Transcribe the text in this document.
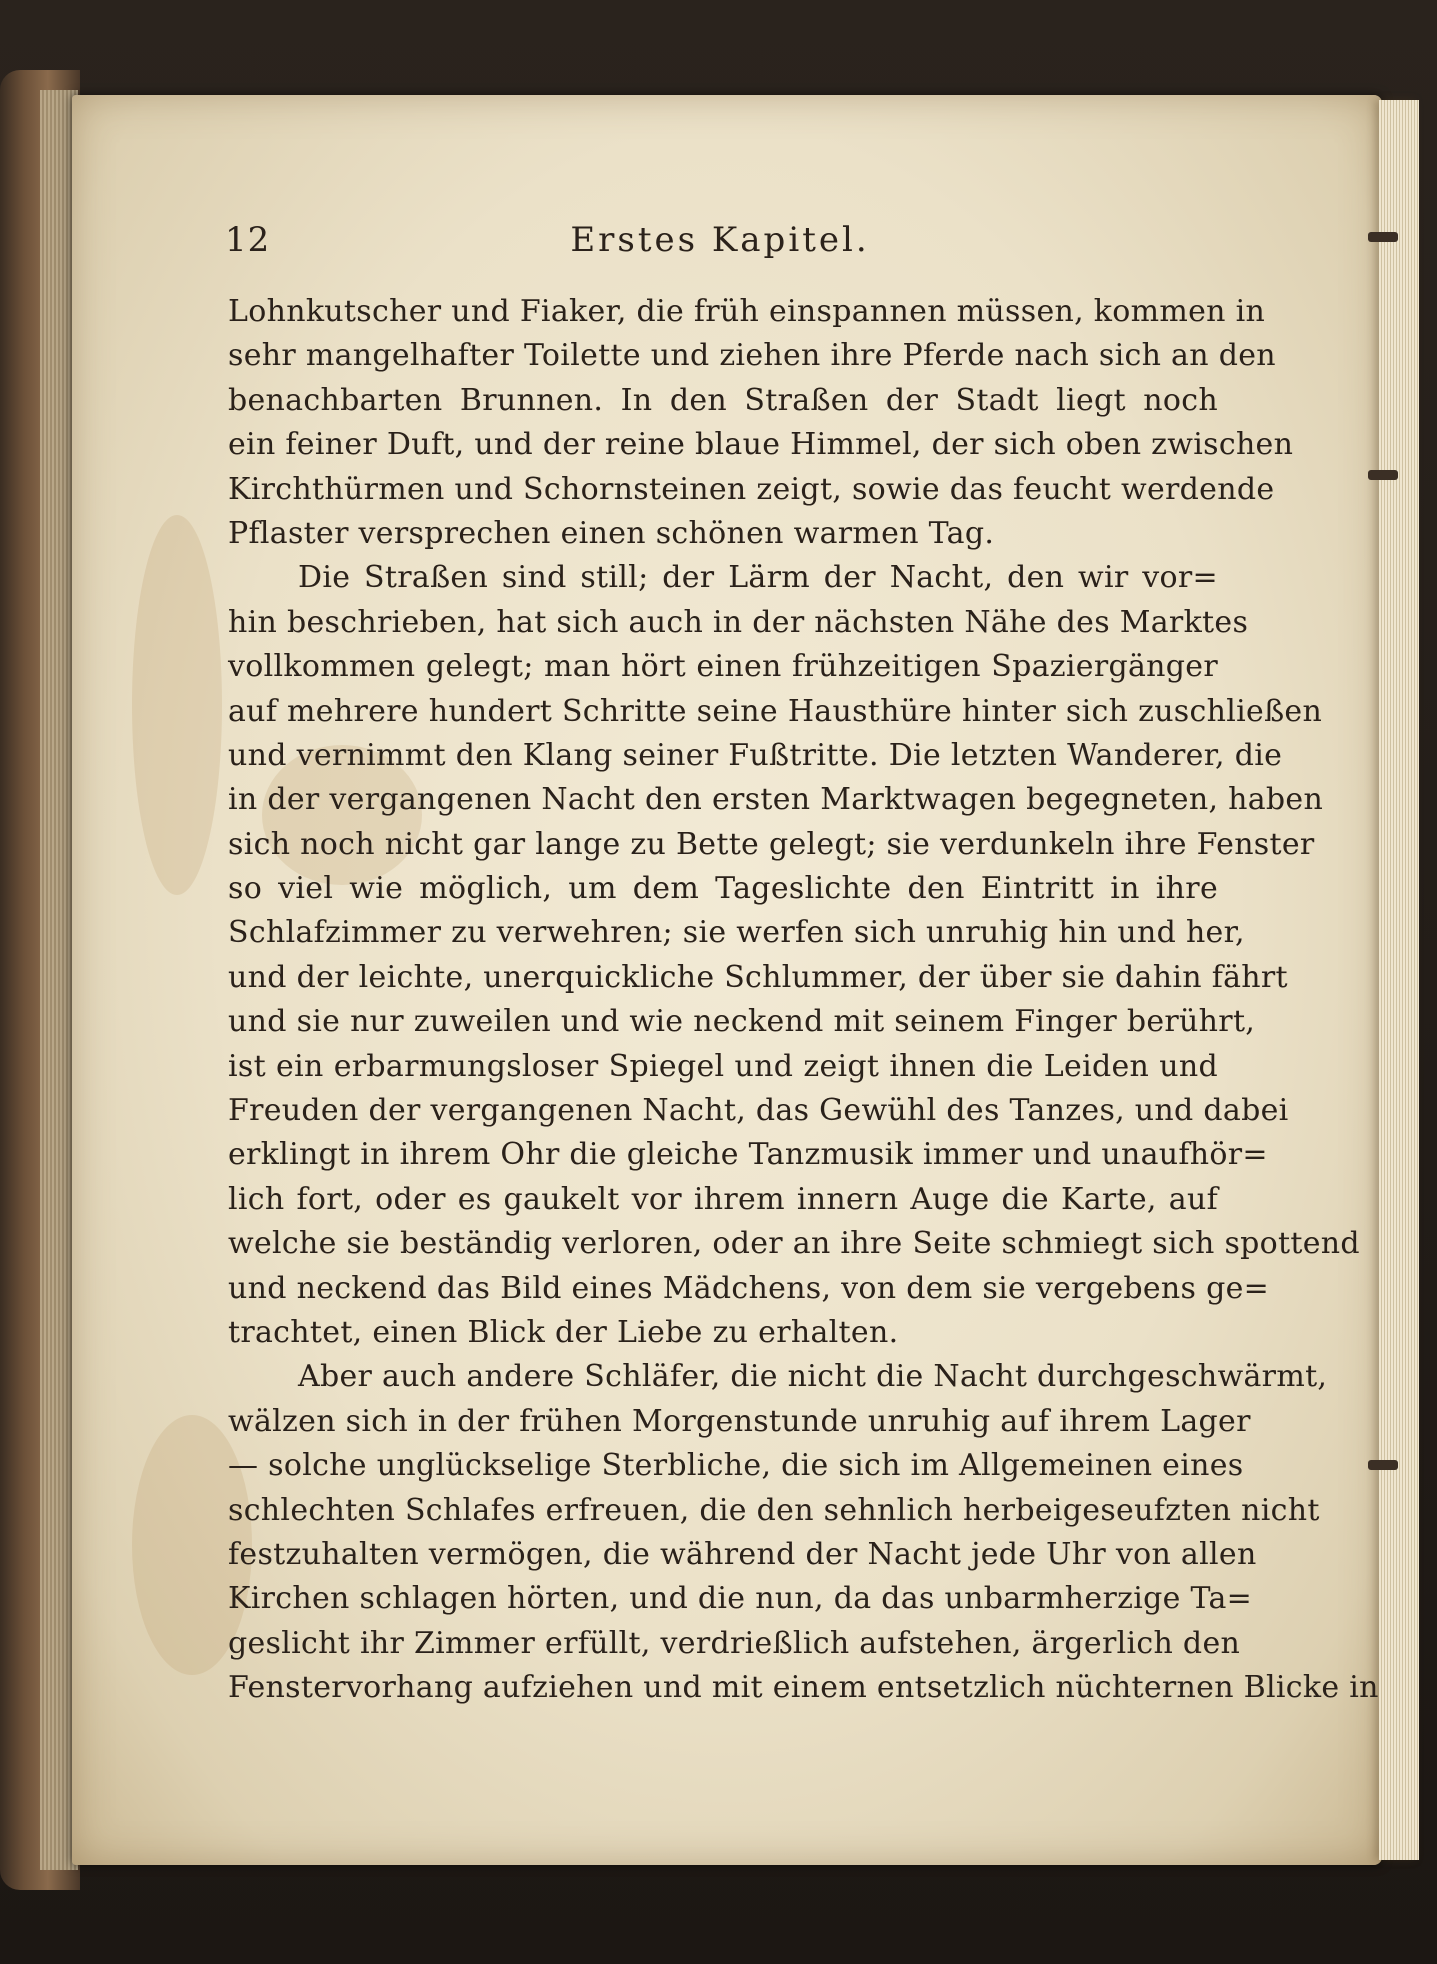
12	Erstes Kapitel.
Lohnkutscher und Fiaker, die früh einspannen müssen, kommen in
sehr mangelhafter Toilette und ziehen ihre Pferde nach sich an den
benachbarten Brunnen. In den Straßen der Stadt liegt noch
ein feiner Duft, und der reine blaue Himmel, der sich oben zwischen
Kirchthürmen und Schornsteinen zeigt, sowie das feucht werdende
Pflaster versprechen einen schönen warmen Tag.
Die Straßen sind still; der Lärm der Nacht, den wir vor=
hin beschrieben, hat sich auch in der nächsten Nähe des Marktes
vollkommen gelegt; man hört einen frühzeitigen Spaziergänger
auf mehrere hundert Schritte seine Hausthüre hinter sich zuschließen
und vernimmt den Klang seiner Fußtritte. Die letzten Wanderer, die
in der vergangenen Nacht den ersten Marktwagen begegneten, haben
sich noch nicht gar lange zu Bette gelegt; sie verdunkeln ihre Fenster
so viel wie möglich, um dem Tageslichte den Eintritt in ihre
Schlafzimmer zu verwehren; sie werfen sich unruhig hin und her,
und der leichte, unerquickliche Schlummer, der über sie dahin fährt
und sie nur zuweilen und wie neckend mit seinem Finger berührt,
ist ein erbarmungsloser Spiegel und zeigt ihnen die Leiden und
Freuden der vergangenen Nacht, das Gewühl des Tanzes, und dabei
erklingt in ihrem Ohr die gleiche Tanzmusik immer und unaufhör=
lich fort, oder es gaukelt vor ihrem innern Auge die Karte, auf
welche sie beständig verloren, oder an ihre Seite schmiegt sich spottend
und neckend das Bild eines Mädchens, von dem sie vergebens ge=
trachtet, einen Blick der Liebe zu erhalten.
Aber auch andere Schläfer, die nicht die Nacht durchgeschwärmt,
wälzen sich in der frühen Morgenstunde unruhig auf ihrem Lager
— solche unglückselige Sterbliche, die sich im Allgemeinen eines
schlechten Schlafes erfreuen, die den sehnlich herbeigeseufzten nicht
festzuhalten vermögen, die während der Nacht jede Uhr von allen
Kirchen schlagen hörten, und die nun, da das unbarmherzige Ta=
geslicht ihr Zimmer erfüllt, verdrießlich aufstehen, ärgerlich den
Fenstervorhang aufziehen und mit einem entsetzlich nüchternen Blicke in
